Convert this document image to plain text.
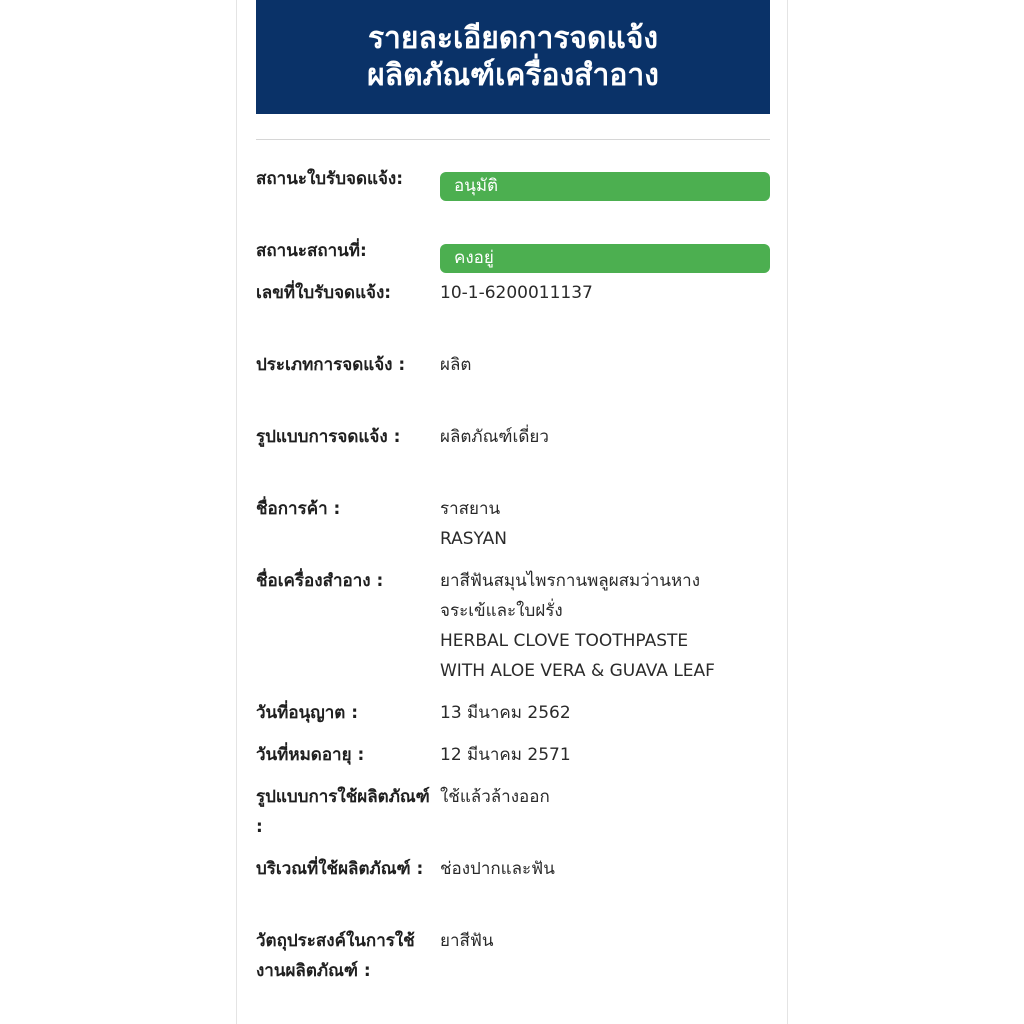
รายละเอียดการจดแจ้ง
ผลิตภัณฑ์เครื่องสำอาง
สถานะใบรับจดแจ้ง:	อนุมัติ
สถานะสถานที่:	คงอยู่
เลขที่ใบรับจดแจ้ง:	10-1-6200011137
ประเภทการจดแจ้ง :	ผลิต
รูปแบบการจดแจ้ง :	ผลิตภัณฑ์เดี่ยว
ชื่อการค้า :	ราสยาน
RASYAN
ชื่อเครื่องสำอาง :	ยาสีฟันสมุนไพรกานพลูผสมว่านหาง
จระเข้และใบฝรั่ง
HERBAL CLOVE TOOTHPASTE
WITH ALOE VERA & GUAVA LEAF
วันที่อนุญาต :	13 มีนาคม 2562
วันที่หมดอายุ :	12 มีนาคม 2571
รูปแบบการใช้ผลิตภัณฑ์ :
ใช้แล้วล้างออก
บริเวณที่ใช้ผลิตภัณฑ์ : ช่องปากและฟัน
วัตถุประสงค์ในการใช้งานผลิตภัณฑ์ :
ยาสีฟัน
